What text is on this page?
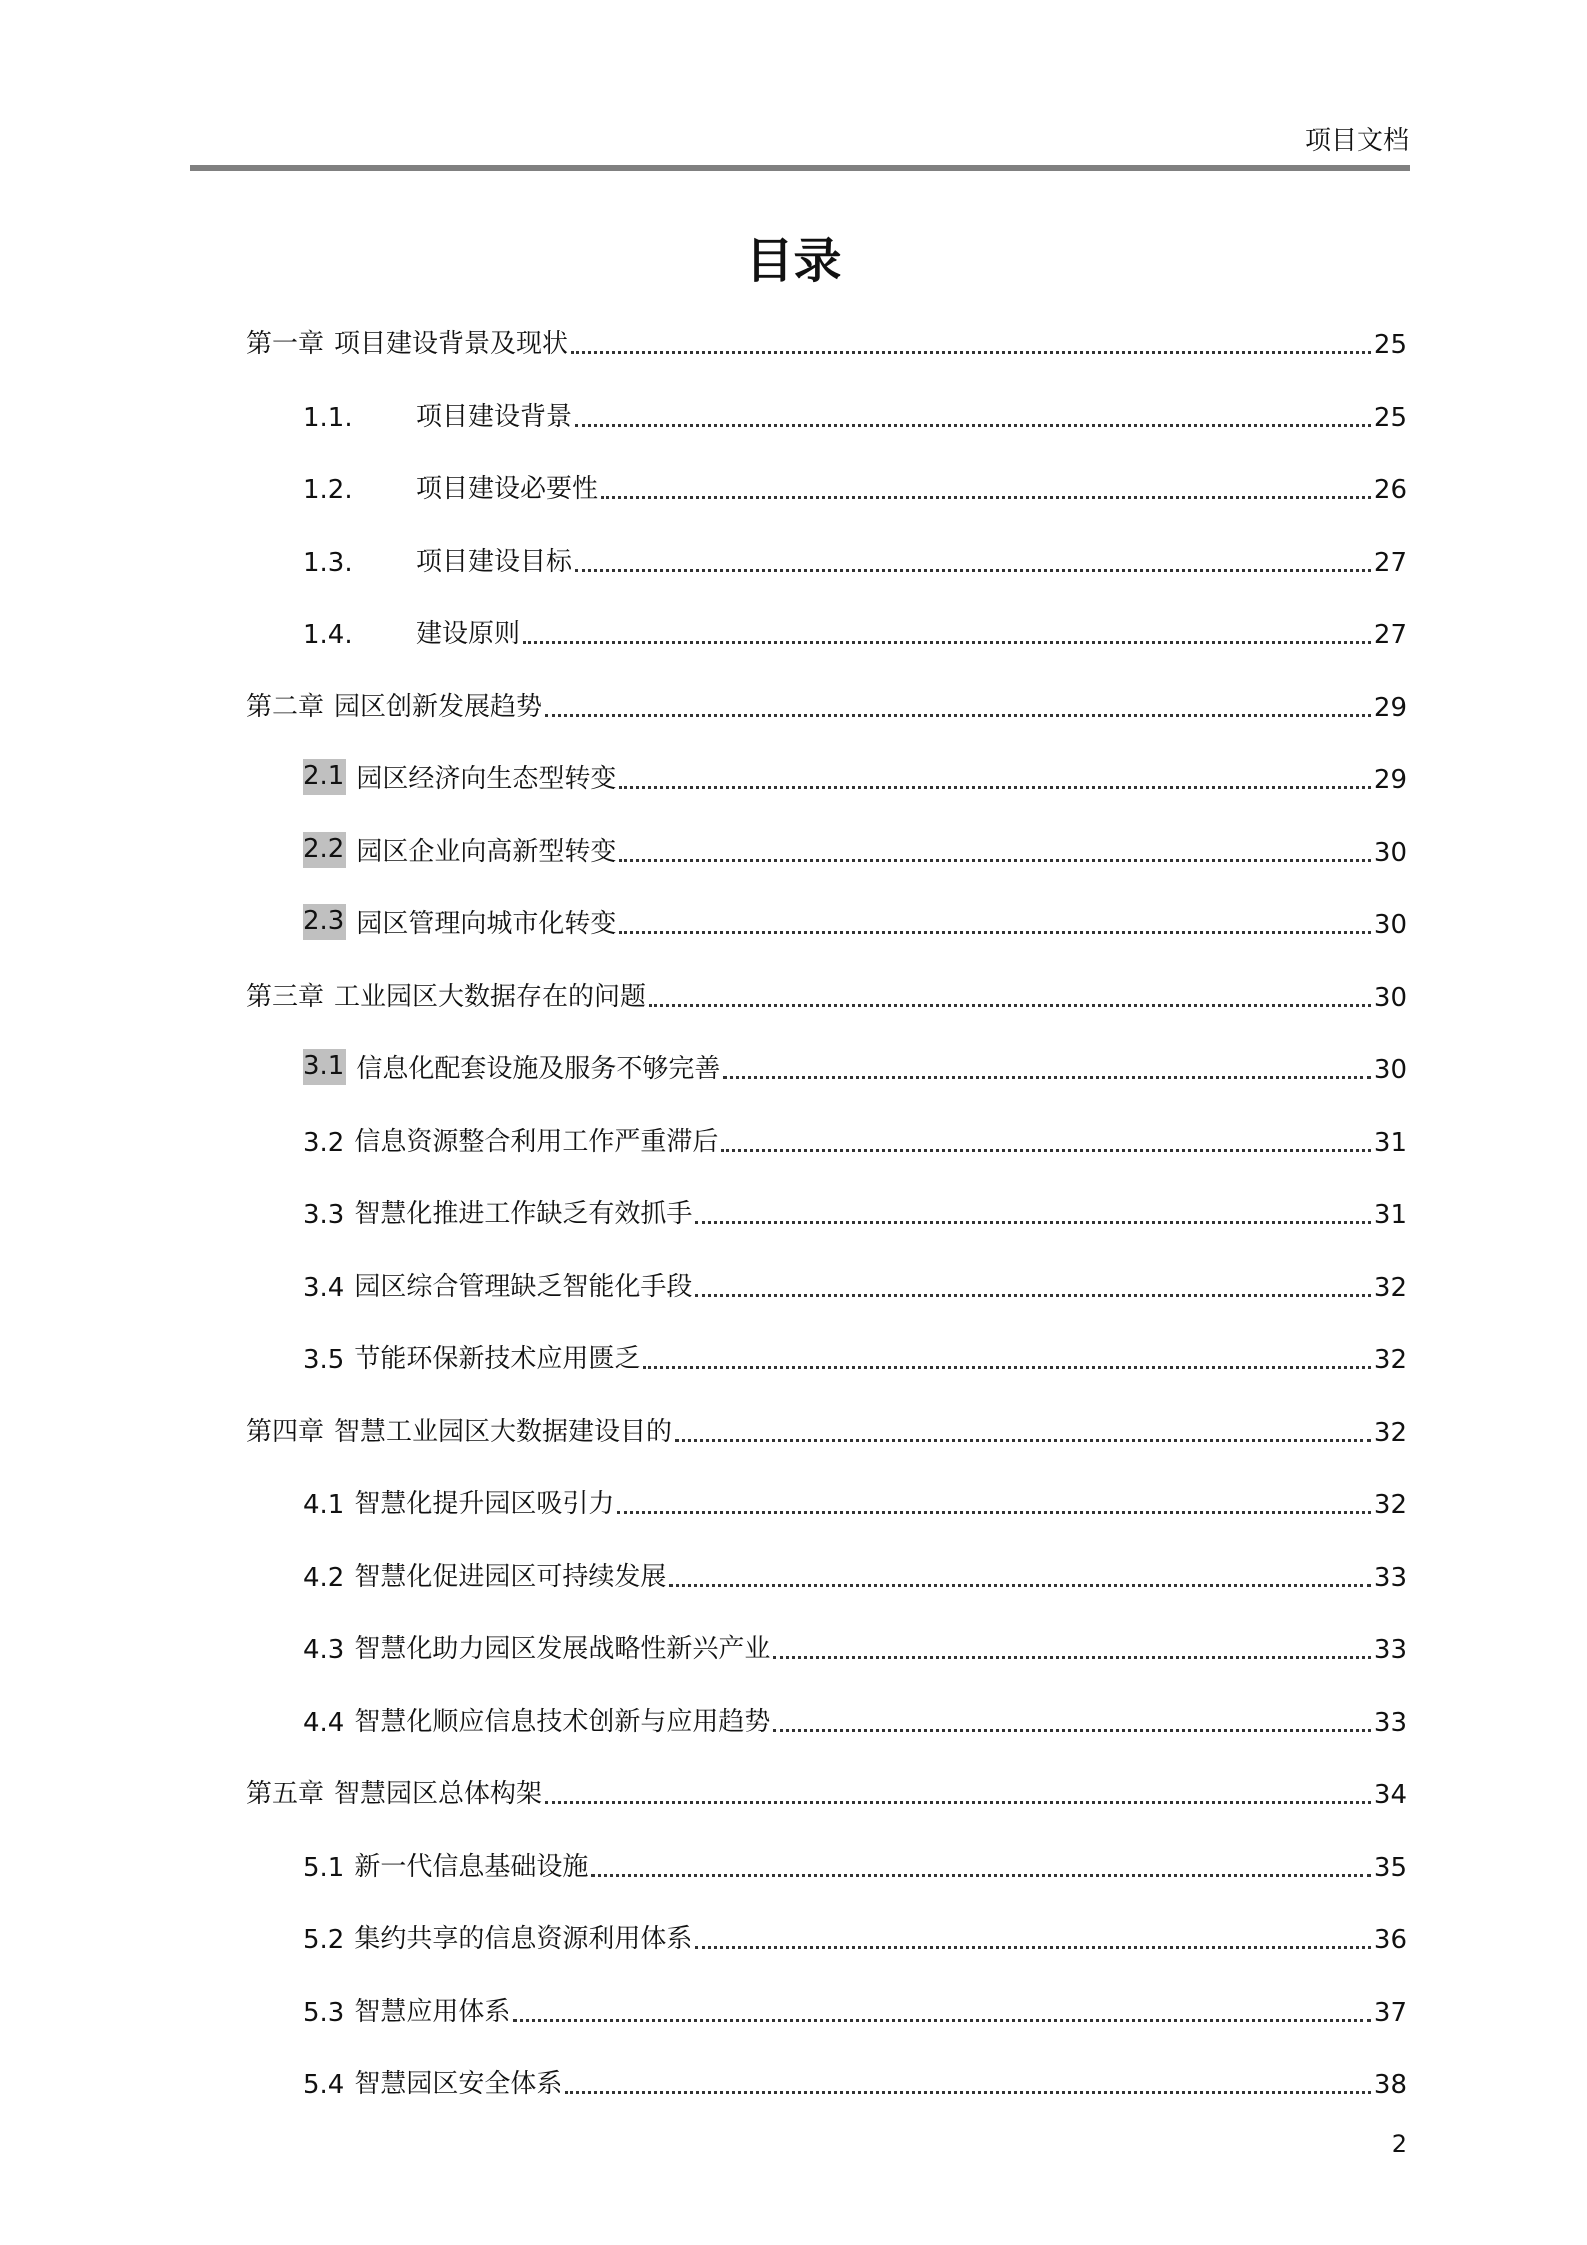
项目文档
目录
第一章 项目建设背景及现状	25
1.1.	项目建设背景	25
1.2.	项目建设必要性	26
1.3.	项目建设目标	27
1.4.	建设原则	27
第二章 园区创新发展趋势	29
2.1 园区经济向生态型转变	29
2.2 园区企业向高新型转变	30
2.3 园区管理向城市化转变	30
第三章 工业园区大数据存在的问题	30
3.1 信息化配套设施及服务不够完善	30
3.2 信息资源整合利用工作严重滞后	31
3.3 智慧化推进工作缺乏有效抓手	31
3.4 园区综合管理缺乏智能化手段	32
3.5 节能环保新技术应用匮乏	32
第四章 智慧工业园区大数据建设目的	32
4.1 智慧化提升园区吸引力	32
4.2 智慧化促进园区可持续发展	33
4.3 智慧化助力园区发展战略性新兴产业	33
4.4 智慧化顺应信息技术创新与应用趋势	33
第五章 智慧园区总体构架	34
5.1 新一代信息基础设施	35
5.2 集约共享的信息资源利用体系	36
5.3 智慧应用体系	37
5.4 智慧园区安全体系	38
2
